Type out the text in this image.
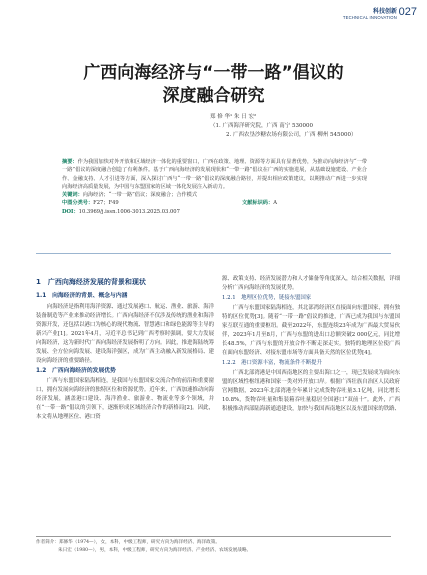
科技创新
TECHNICAL INNOVATION 027
广西向海经济与“一带一路”倡议的
深度融合研究
郑 修 华¹ 朱 日 宏²
（1. 广西海洋研究院，广西 南宁 530000
2. 广西农垦沙糖农场有限公司，广西 柳州 545000）
摘要：作为我国加快对外开放和区域经济一体化的重要窗口，广西在政策、地理、资源等方面具有显著优势，为推动向海经济与“一带一路”倡议的深度融合创造了有利条件。基于广西向海经济的发展现状和“一带一路”倡议在广西的实施进展，从基础设施建设、产业合作、金融支持、人才引进等方面，深入探讨广西与“一带一路”倡议的深度融合路径，并提出相应政策建议，以期推动广西进一步实现向海经济高质量发展，为中国与东盟国家的区域一体化发展注入新动力。
关键词：向海经济；“一带一路”倡议；深度融合；合作模式
中图分类号：F27；F49	文献标识码：A
DOI：10.3969/j.issn.1006-3013.2025.03.007
1　广西向海经济发展的背景和现状
1.1　向海经济的背景、概念与内涵

向海经济是指利用海洋资源、通过发展港口、航运、渔业、旅游、海洋装备制造等产业来推动经济增长。广西向海经济不仅涉及传统的渔业和海洋资源开发，还包括以港口为核心的现代物流、智慧港口和绿色能源等主导的新兴产业[1]。2021年4月，习近平总书记到广西考察时强调，要大力发展向海经济，这为新时代广西向海经济发展指明了方向。因此，推进海陆统筹发展、全方位向海发展、建设海洋强区，成为广西主动融入新发展格局、建设向海经济的重要路径。

1.2　广西向海经济的发展优势

广西与东盟国家陆海相连，是我国与东盟国家交流合作的前沿和重要窗口，拥有发展向海经济的独特区位和资源优势。近年来，广西加速推动向海经济发展，涵盖港口建设、海洋渔业、旅游业、物流业等多个领域，并在“一带一路”倡议的引领下，逐渐形成区域经济合作的新格局[2]。因此，本文将从地理区位、港口资

源、政策支持、经济发展潜力和人才储备等角度深入，结合相关数据，详细分析广西向海经济的发展优势。

1.2.1　地理区位优势，链接东盟国家

广西与东盟国家陆海相连，其北部湾经济区直接面向东盟国家，拥有独特的区位优势[3]。随着“一带一路”倡议的推进，广西已成为我国与东盟国家互联互通的重要枢纽。截至2022年，东盟连续23年成为广西最大贸易伙伴，2023年1月至8月，广西与东盟的进出口总额突破2 000亿元，同比增长48.5%，广西与东盟的开放合作不断走深走实。独特的地理区位使广西在面向东盟经济、对接东盟市场等方面具备天然的区位优势[4]。

1.2.2　港口资源丰富，物流条件不断提升

广西北部湾港是中国西南地区的主要出海口之一，现已发展成为面向东盟的区域性枢纽港和国家一类对外开放口岸。根据广西壮族自治区人民政府官网数据，2023年北部湾港全年累计完成货物吞吐量3.1亿吨，同比增长10.8%，货物吞吐量和集装箱吞吐量稳居全国港口“双前十”。此外，广西积极推动西部陆海新通道建设，加快与我国西南地区以及东盟国家的铁路、

作者简介：郑修华（1974—），女，本科，中级工程师，研究方向为海洋经济、海洋政策。
朱日宏（1980—），男，本科，中级工程师，研究方向为海洋经济、产业经济、农场发展战略。
